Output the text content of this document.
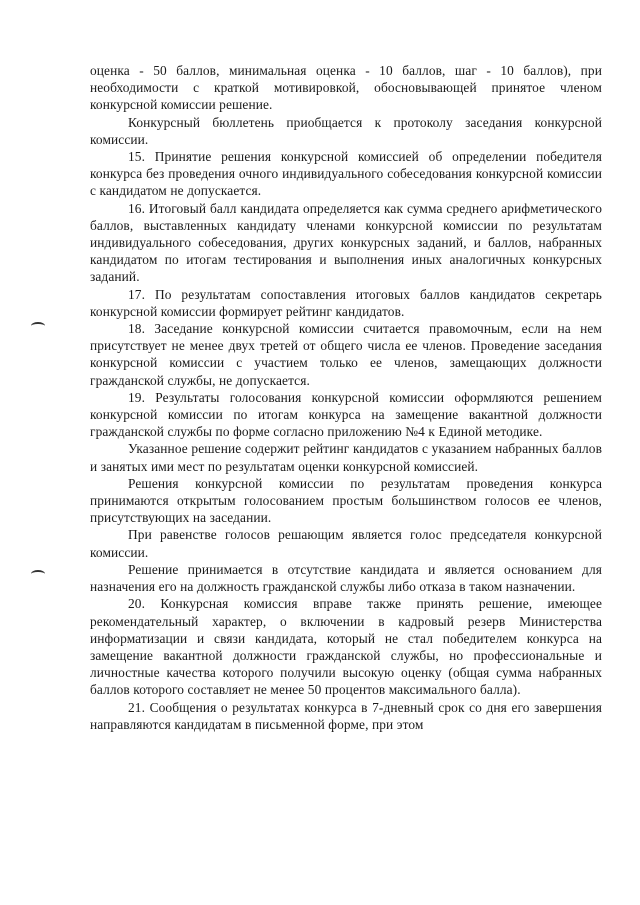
оценка - 50 баллов, минимальная оценка - 10 баллов, шаг - 10 баллов), при необходимости с краткой мотивировкой, обосновывающей принятое членом конкурсной комиссии решение.

Конкурсный бюллетень приобщается к протоколу заседания конкурсной комиссии.

15. Принятие решения конкурсной комиссией об определении победителя конкурса без проведения очного индивидуального собеседования конкурсной комиссии с кандидатом не допускается.

16. Итоговый балл кандидата определяется как сумма среднего арифметического баллов, выставленных кандидату членами конкурсной комиссии по результатам индивидуального собеседования, других конкурсных заданий, и баллов, набранных кандидатом по итогам тестирования и выполнения иных аналогичных конкурсных заданий.

17. По результатам сопоставления итоговых баллов кандидатов секретарь конкурсной комиссии формирует рейтинг кандидатов.

18. Заседание конкурсной комиссии считается правомочным, если на нем присутствует не менее двух третей от общего числа ее членов. Проведение заседания конкурсной комиссии с участием только ее членов, замещающих должности гражданской службы, не допускается.

19. Результаты голосования конкурсной комиссии оформляются решением конкурсной комиссии по итогам конкурса на замещение вакантной должности гражданской службы по форме согласно приложению №4 к Единой методике.

Указанное решение содержит рейтинг кандидатов с указанием набранных баллов и занятых ими мест по результатам оценки конкурсной комиссией.

Решения конкурсной комиссии по результатам проведения конкурса принимаются открытым голосованием простым большинством голосов ее членов, присутствующих на заседании.

При равенстве голосов решающим является голос председателя конкурсной комиссии.

Решение принимается в отсутствие кандидата и является основанием для назначения его на должность гражданской службы либо отказа в таком назначении.

20. Конкурсная комиссия вправе также принять решение, имеющее рекомендательный характер, о включении в кадровый резерв Министерства информатизации и связи кандидата, который не стал победителем конкурса на замещение вакантной должности гражданской службы, но профессиональные и личностные качества которого получили высокую оценку (общая сумма набранных баллов которого составляет не менее 50 процентов максимального балла).

21. Сообщения о результатах конкурса в 7-дневный срок со дня его завершения направляются кандидатам в письменной форме, при этом
